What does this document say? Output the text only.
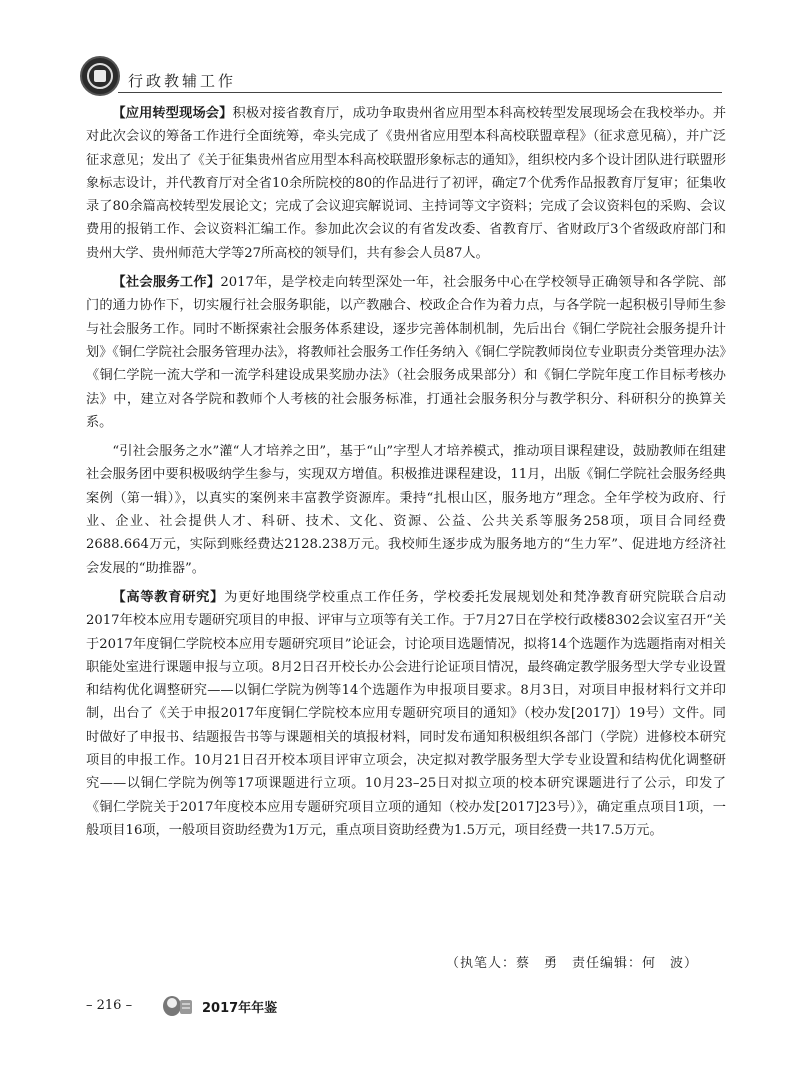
行政教辅工作

【应用转型现场会】积极对接省教育厅，成功争取贵州省应用型本科高校转型发展现场会在我校举办。并对此次会议的筹备工作进行全面统筹，牵头完成了《贵州省应用型本科高校联盟章程》（征求意见稿），并广泛征求意见；发出了《关于征集贵州省应用型本科高校联盟形象标志的通知》，组织校内多个设计团队进行联盟形象标志设计，并代教育厅对全省10余所院校的80的作品进行了初评，确定7个优秀作品报教育厅复审；征集收录了80余篇高校转型发展论文；完成了会议迎宾解说词、主持词等文字资料；完成了会议资料包的采购、会议费用的报销工作、会议资料汇编工作。参加此次会议的有省发改委、省教育厅、省财政厅3个省级政府部门和贵州大学、贵州师范大学等27所高校的领导们，共有参会人员87人。

【社会服务工作】2017年，是学校走向转型深处一年，社会服务中心在学校领导正确领导和各学院、部门的通力协作下，切实履行社会服务职能，以产教融合、校政企合作为着力点，与各学院一起积极引导师生参与社会服务工作。同时不断探索社会服务体系建设，逐步完善体制机制，先后出台《铜仁学院社会服务提升计划》《铜仁学院社会服务管理办法》，将教师社会服务工作任务纳入《铜仁学院教师岗位专业职责分类管理办法》《铜仁学院一流大学和一流学科建设成果奖励办法》（社会服务成果部分）和《铜仁学院年度工作目标考核办法》中，建立对各学院和教师个人考核的社会服务标准，打通社会服务积分与教学积分、科研积分的换算关系。

“引社会服务之水”灌“人才培养之田”，基于“山”字型人才培养模式，推动项目课程建设，鼓励教师在组建社会服务团中要积极吸纳学生参与，实现双方增值。积极推进课程建设，11月，出版《铜仁学院社会服务经典案例（第一辑）》，以真实的案例来丰富教学资源库。秉持“扎根山区，服务地方”理念。全年学校为政府、行业、企业、社会提供人才、科研、技术、文化、资源、公益、公共关系等服务258项，项目合同经费2688.664万元，实际到账经费达2128.238万元。我校师生逐步成为服务地方的“生力军”、促进地方经济社会发展的“助推器”。

【高等教育研究】为更好地围绕学校重点工作任务，学校委托发展规划处和梵净教育研究院联合启动2017年校本应用专题研究项目的申报、评审与立项等有关工作。于7月27日在学校行政楼8302会议室召开“关于2017年度铜仁学院校本应用专题研究项目”论证会，讨论项目选题情况，拟将14个选题作为选题指南对相关职能处室进行课题申报与立项。8月2日召开校长办公会进行论证项目情况，最终确定教学服务型大学专业设置和结构优化调整研究——以铜仁学院为例等14个选题作为申报项目要求。8月3日，对项目申报材料行文并印制，出台了《关于申报2017年度铜仁学院校本应用专题研究项目的通知》（校办发[2017]）19号）文件。同时做好了申报书、结题报告书等与课题相关的填报材料，同时发布通知积极组织各部门（学院）进修校本研究项目的申报工作。10月21日召开校本项目评审立项会，决定拟对教学服务型大学专业设置和结构优化调整研究——以铜仁学院为例等17项课题进行立项。10月23–25日对拟立项的校本研究课题进行了公示，印发了《铜仁学院关于2017年度校本应用专题研究项目立项的通知（校办发[2017]23号）》，确定重点项目1项，一般项目16项，一般项目资助经费为1万元，重点项目资助经费为1.5万元，项目经费一共17.5万元。

（执笔人：蔡　勇　责任编辑：何　波）
– 216 –	2017年年鉴
